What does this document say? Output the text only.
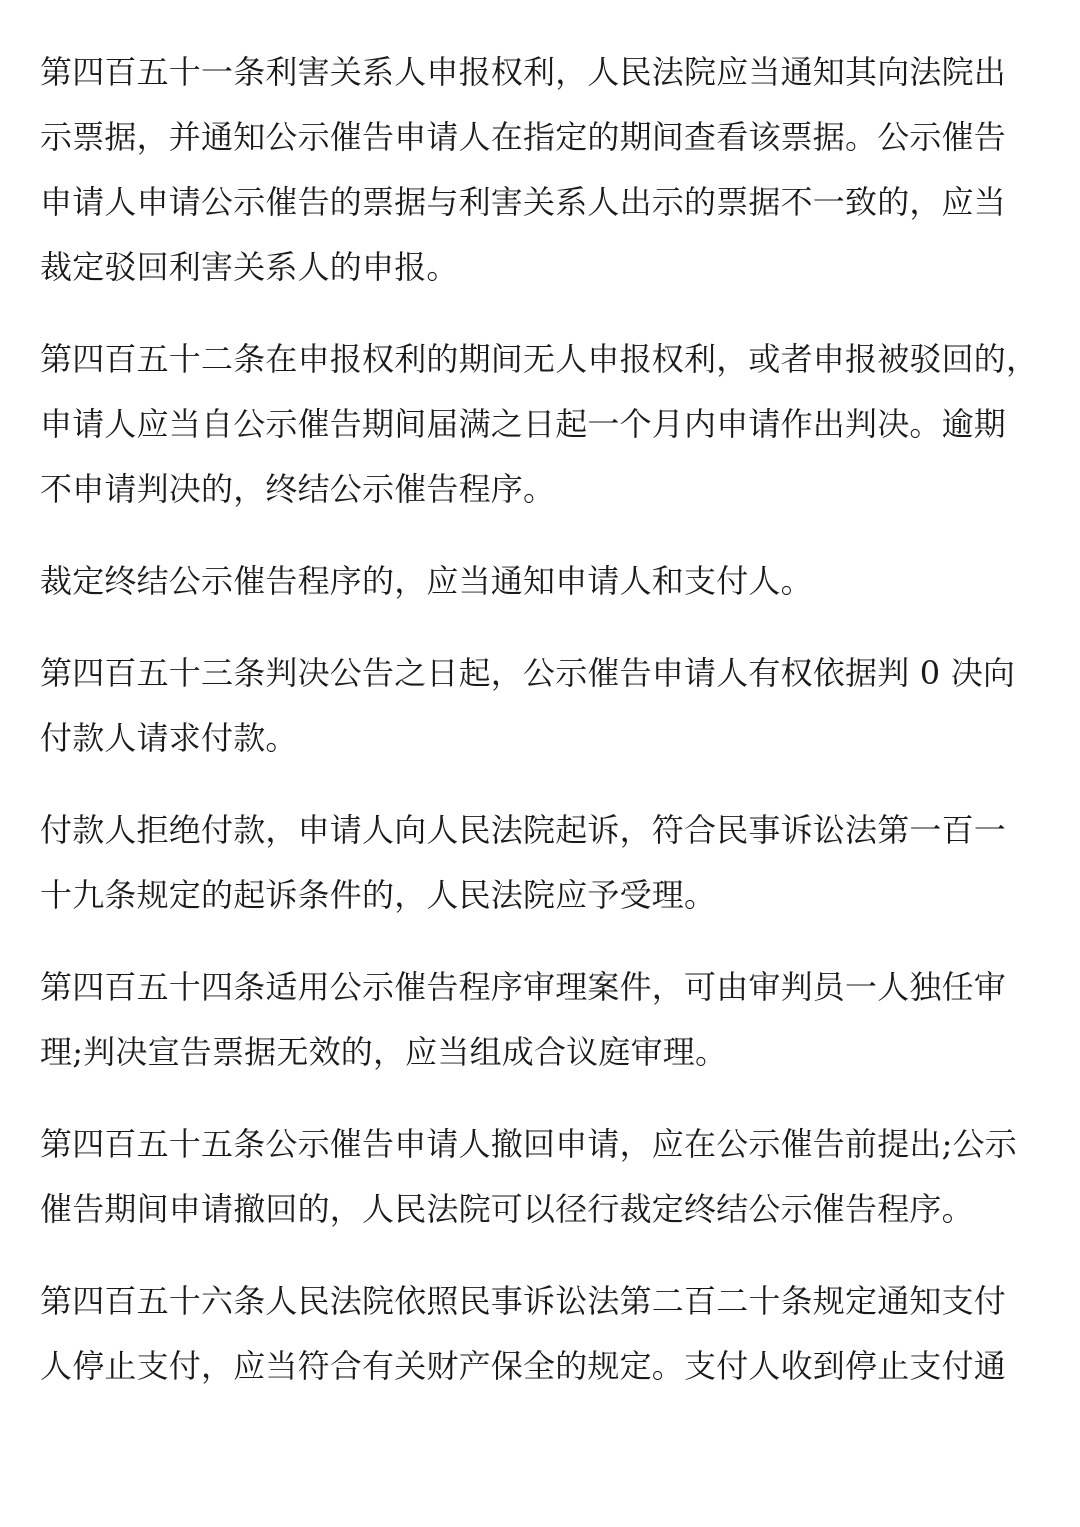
第四百五十一条利害关系人申报权利，人民法院应当通知其向法院出
示票据，并通知公示催告申请人在指定的期间查看该票据。公示催告
申请人申请公示催告的票据与利害关系人出示的票据不一致的，应当
裁定驳回利害关系人的申报。
第四百五十二条在申报权利的期间无人申报权利，或者申报被驳回的，
申请人应当自公示催告期间届满之日起一个月内申请作出判决。逾期
不申请判决的，终结公示催告程序。
裁定终结公示催告程序的，应当通知申请人和支付人。
第四百五十三条判决公告之日起，公示催告申请人有权依据判 0 决向
付款人请求付款。
付款人拒绝付款，申请人向人民法院起诉，符合民事诉讼法第一百一
十九条规定的起诉条件的，人民法院应予受理。
第四百五十四条适用公示催告程序审理案件，可由审判员一人独任审
理;判决宣告票据无效的，应当组成合议庭审理。
第四百五十五条公示催告申请人撤回申请，应在公示催告前提出;公示
催告期间申请撤回的，人民法院可以径行裁定终结公示催告程序。
第四百五十六条人民法院依照民事诉讼法第二百二十条规定通知支付
人停止支付，应当符合有关财产保全的规定。支付人收到停止支付通
